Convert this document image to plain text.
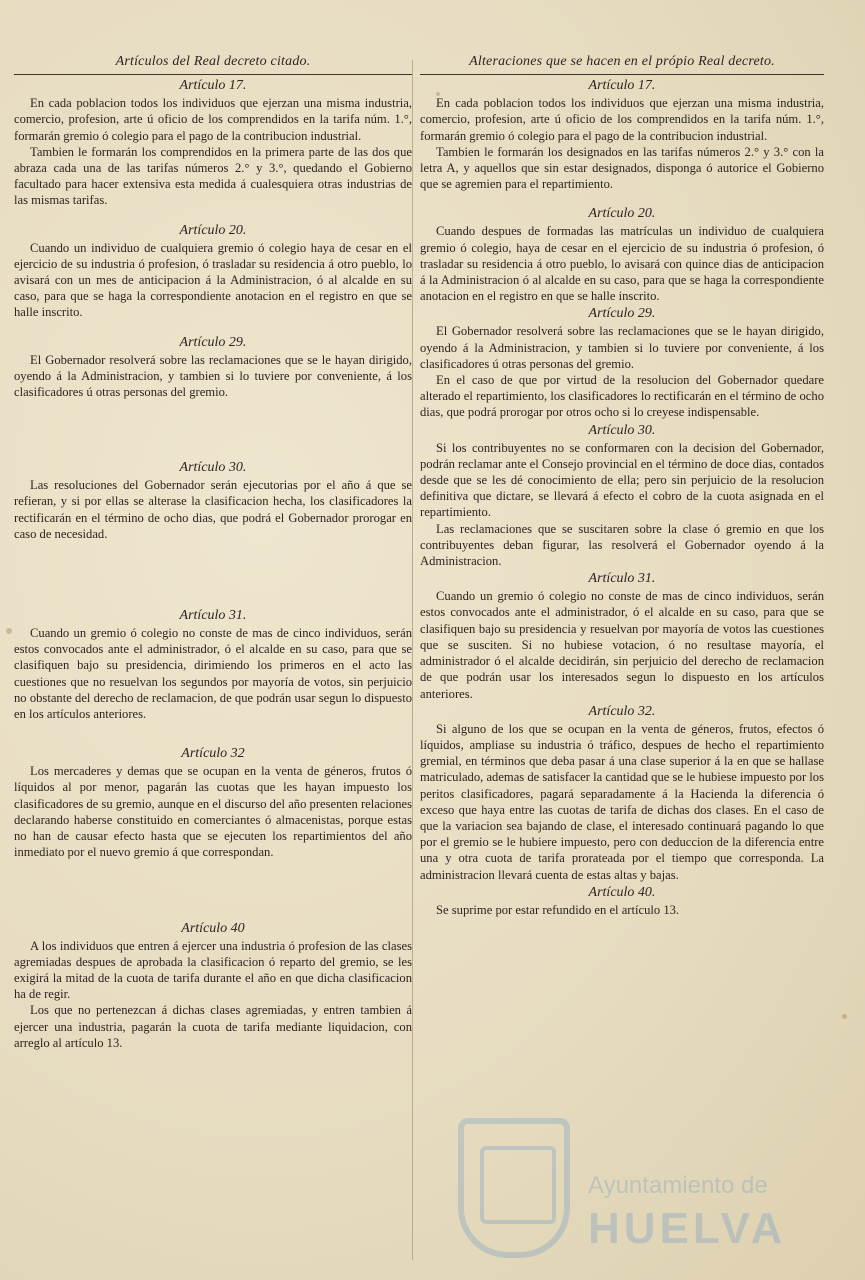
Artículos del Real decreto citado.
Artículo 17.

En cada poblacion todos los individuos que ejerzan una misma industria, comercio, profesion, arte ú oficio de los comprendidos en la tarifa núm. 1.°, formarán gremio ó colegio para el pago de la contribucion industrial.

Tambien le formarán los comprendidos en la primera parte de las dos que abraza cada una de las tarifas números 2.° y 3.°, quedando el Gobierno facultado para hacer extensiva esta medida á cualesquiera otras industrias de las mismas tarifas.

Artículo 20.

Cuando un individuo de cualquiera gremio ó colegio haya de cesar en el ejercicio de su industria ó profesion, ó trasladar su residencia á otro pueblo, lo avisará con un mes de anticipacion á la Administracion, ó al alcalde en su caso, para que se haga la correspondiente anotacion en el registro en que se halle inscrito.

Artículo 29.

El Gobernador resolverá sobre las reclamaciones que se le hayan dirigido, oyendo á la Administracion, y tambien si lo tuviere por conveniente, á los clasificadores ú otras personas del gremio.

Artículo 30.

Las resoluciones del Gobernador serán ejecutorias por el año á que se refieran, y si por ellas se alterase la clasificacion hecha, los clasificadores la rectificarán en el término de ocho dias, que podrá el Gobernador prorogar en caso de necesidad.

Artículo 31.

Cuando un gremio ó colegio no conste de mas de cinco individuos, serán estos convocados ante el administrador, ó el alcalde en su caso, para que se clasifiquen bajo su presidencia, dirimiendo los primeros en el acto las cuestiones que no resuelvan los segundos por mayoría de votos, sin perjuicio no obstante del derecho de reclamacion, de que podrán usar segun lo dispuesto en los artículos anteriores.

Artículo 32

Los mercaderes y demas que se ocupan en la venta de géneros, frutos ó líquidos al por menor, pagarán las cuotas que les hayan impuesto los clasificadores de su gremio, aunque en el discurso del año presenten relaciones declarando haberse constituido en comerciantes ó almacenistas, porque estas no han de causar efecto hasta que se ejecuten los repartimientos del año inmediato por el nuevo gremio á que correspondan.

Artículo 40

A los individuos que entren á ejercer una industria ó profesion de las clases agremiadas despues de aprobada la clasificacion ó reparto del gremio, se les exigirá la mitad de la cuota de tarifa durante el año en que dicha clasificacion ha de regir.

Los que no pertenezcan á dichas clases agremiadas, y entren tambien á ejercer una industria, pagarán la cuota de tarifa mediante liquidacion, con arreglo al artículo 13.

Alteraciones que se hacen en el própio Real decreto.
Artículo 17.

En cada poblacion todos los individuos que ejerzan una misma industria, comercio, profesion, arte ú oficio de los comprendidos en la tarifa núm. 1.°, formarán gremio ó colegio para el pago de la contribucion industrial.

Tambien le formarán los designados en las tarifas números 2.° y 3.° con la letra A, y aquellos que sin estar designados, disponga ó autorice el Gobierno que se agremien para el repartimiento.

Artículo 20.

Cuando despues de formadas las matrículas un individuo de cualquiera gremio ó colegio, haya de cesar en el ejercicio de su industria ó profesion, ó trasladar su residencia á otro pueblo, lo avisará con quince dias de anticipacion á la Administracion ó al alcalde en su caso, para que se haga la correspondiente anotacion en el registro en que se halle inscrito.

Artículo 29.

El Gobernador resolverá sobre las reclamaciones que se le hayan dirigido, oyendo á la Administracion, y tambien si lo tuviere por conveniente, á los clasificadores ú otras personas del gremio.

En el caso de que por virtud de la resolucion del Gobernador quedare alterado el repartimiento, los clasificadores lo rectificarán en el término de ocho dias, que podrá prorogar por otros ocho si lo creyese indispensable.

Artículo 30.

Si los contribuyentes no se conformaren con la decision del Gobernador, podrán reclamar ante el Consejo provincial en el término de doce dias, contados desde que se les dé conocimiento de ella; pero sin perjuicio de la resolucion definitiva que dictare, se llevará á efecto el cobro de la cuota asignada en el repartimiento.

Las reclamaciones que se suscitaren sobre la clase ó gremio en que los contribuyentes deban figurar, las resolverá el Gobernador oyendo á la Administracion.

Artículo 31.

Cuando un gremio ó colegio no conste de mas de cinco individuos, serán estos convocados ante el administrador, ó el alcalde en su caso, para que se clasifiquen bajo su presidencia y resuelvan por mayoría de votos las cuestiones que se susciten. Si no hubiese votacion, ó no resultase mayoría, el administrador ó el alcalde decidirán, sin perjuicio del derecho de reclamacion de que podrán usar los interesados segun lo dispuesto en los artículos anteriores.

Artículo 32.

Si alguno de los que se ocupan en la venta de géneros, frutos, efectos ó líquidos, ampliase su industria ó tráfico, despues de hecho el repartimiento gremial, en términos que deba pasar á una clase superior á la en que se hallase matriculado, ademas de satisfacer la cantidad que se le hubiese impuesto por los peritos clasificadores, pagará separadamente á la Hacienda la diferencia ó exceso que haya entre las cuotas de tarifa de dichas dos clases. En el caso de que la variacion sea bajando de clase, el interesado continuará pagando lo que por el gremio se le hubiere impuesto, pero con deduccion de la diferencia entre una y otra cuota de tarifa prorateada por el tiempo que corresponda. La administracion llevará cuenta de estas altas y bajas.

Artículo 40.

Se suprime por estar refundido en el artículo 13.

Ayuntamiento de
HUELVA
